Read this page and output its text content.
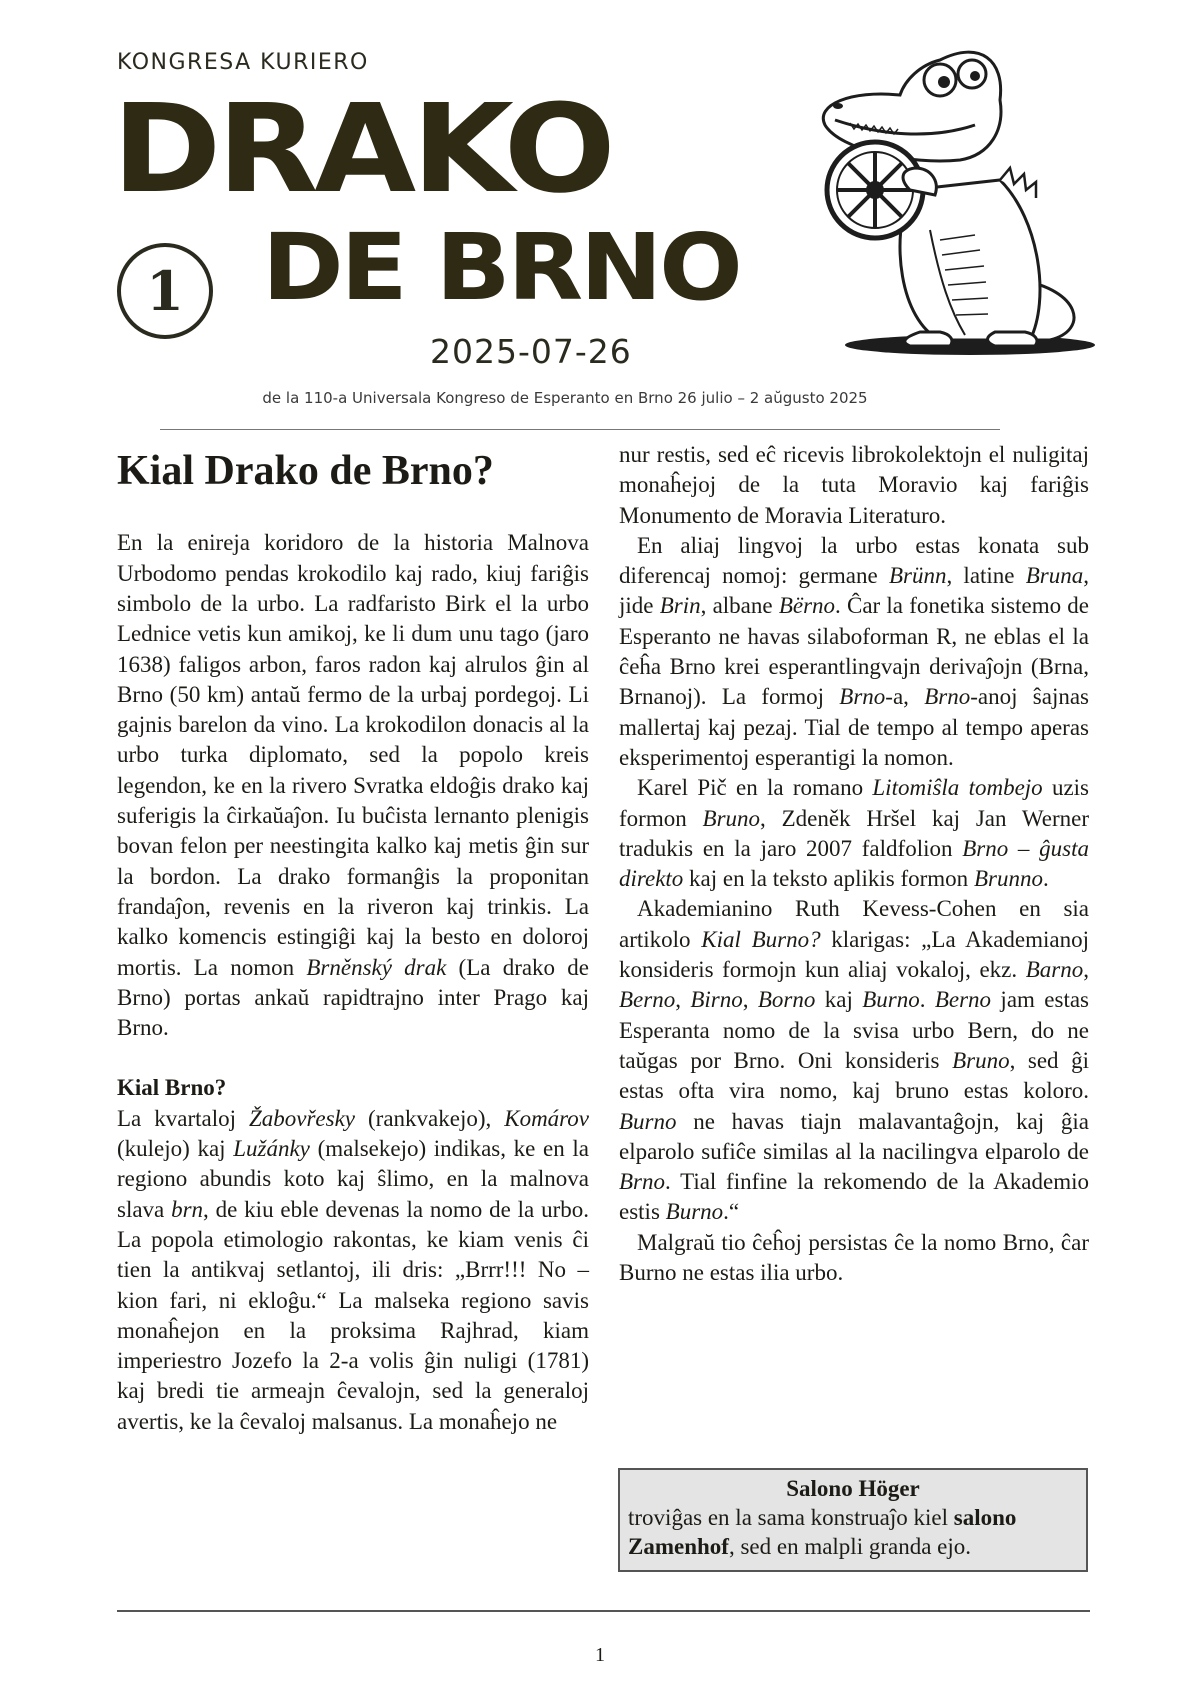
KONGRESA KURIERO
DRAKO
DE BRNO
1
2025-07-26
de la 110-a Universala Kongreso de Esperanto en Brno 26 julio – 2 aŭgusto 2025

Kial Drako de Brno?

En la enireja koridoro de la historia Malnova Urbodomo pendas krokodilo kaj rado, kiuj fariĝis simbolo de la urbo. La radfaristo Birk el la urbo Lednice vetis kun amikoj, ke li dum unu tago (jaro 1638) faligos arbon, faros radon kaj alrulos ĝin al Brno (50 km) antaŭ fermo de la urbaj pordegoj. Li gajnis barelon da vino. La krokodilon donacis al la urbo turka diplomato, sed la popolo kreis legendon, ke en la rivero Svratka eldoĝis drako kaj suferigis la ĉirkaŭaĵon. Iu buĉista lernanto plenigis bovan felon per neestingita kalko kaj metis ĝin sur la bordon. La drako formanĝis la proponitan frandaĵon, revenis en la riveron kaj trinkis. La kalko komencis estingiĝi kaj la besto en doloroj mortis. La nomon Brněnský drak (La drako de Brno) portas ankaŭ rapidtrajno inter Prago kaj Brno.

Kial Brno?

La kvartaloj Žabovřesky (rankvakejo), Komárov (kulejo) kaj Lužánky (malsekejo) indikas, ke en la regiono abundis koto kaj ŝlimo, en la malnova slava brn, de kiu eble devenas la nomo de la urbo. La popola etimologio rakontas, ke kiam venis ĉi tien la antikvaj setlantoj, ili dris: „Brrr!!! No – kion fari, ni ekloĝu.“ La malseka regiono savis monaĥejon en la proksima Rajhrad, kiam imperiestro Jozefo la 2-a volis ĝin nuligi (1781) kaj bredi tie armeajn ĉevalojn, sed la generaloj avertis, ke la ĉevaloj malsanus. La monaĥejo ne

nur restis, sed eĉ ricevis librokolektojn el nuligitaj monaĥejoj de la tuta Moravio kaj fariĝis Monumento de Moravia Literaturo.

En aliaj lingvoj la urbo estas konata sub diferencaj nomoj: germane Brünn, latine Bruna, jide Brin, albane Bërno. Ĉar la fonetika sistemo de Esperanto ne havas silaboforman R, ne eblas el la ĉeĥa Brno krei esperantlingvajn derivaĵojn (Brna, Brnanoj). La formoj Brno-a, Brno-anoj ŝajnas mallertaj kaj pezaj. Tial de tempo al tempo aperas eksperimentoj esperantigi la nomon.

Karel Pič en la romano Litomiŝla tombejo uzis formon Bruno, Zdeněk Hršel kaj Jan Werner tradukis en la jaro 2007 faldfolion Brno – ĝusta direkto kaj en la teksto aplikis formon Brunno.

Akademianino Ruth Kevess-Cohen en sia artikolo Kial Burno? klarigas: „La Akademianoj konsideris formojn kun aliaj vokaloj, ekz. Barno, Berno, Birno, Borno kaj Burno. Berno jam estas Esperanta nomo de la svisa urbo Bern, do ne taŭgas por Brno. Oni konsideris Bruno, sed ĝi estas ofta vira nomo, kaj bruno estas koloro. Burno ne havas tiajn malavantaĝojn, kaj ĝia elparolo sufiĉe similas al la nacilingva elparolo de Brno. Tial finfine la rekomendo de la Akademio estis Burno.“

Malgraŭ tio ĉeĥoj persistas ĉe la nomo Brno, ĉar Burno ne estas ilia urbo.

Salono Höger
troviĝas en la sama konstruaĵo kiel salono Zamenhof, sed en malpli granda ejo.
1
